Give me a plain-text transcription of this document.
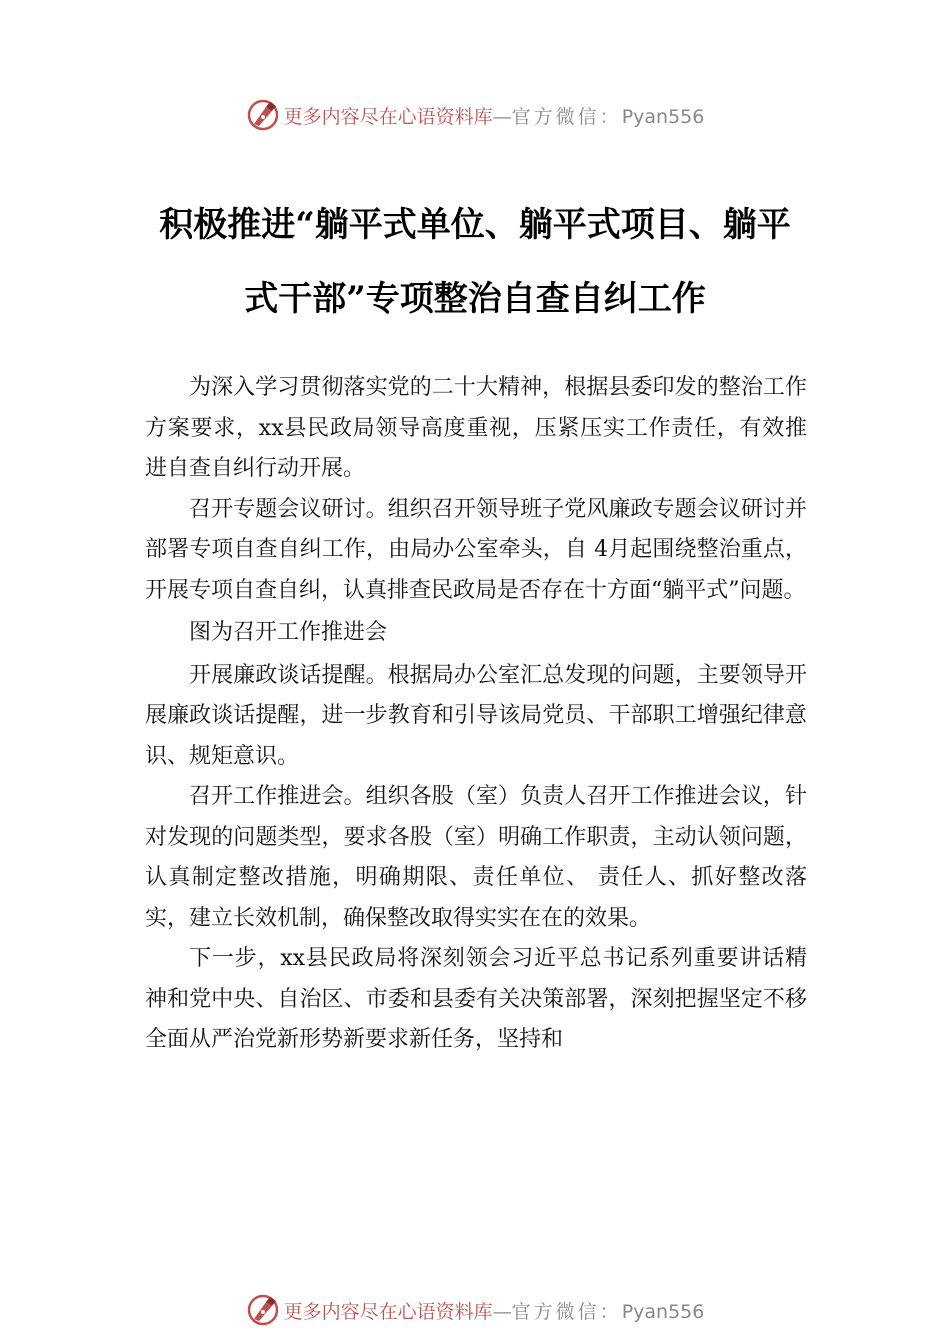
更多内容尽在心语资料库—官方微信：Pyan556
积极推进“躺平式单位、躺平式项目、躺平
式干部”专项整治自查自纠工作

为深入学习贯彻落实党的二十大精神，根据县委印发的整治工作方案要求，xx县民政局领导高度重视，压紧压实工作责任，有效推进自查自纠行动开展。

召开专题会议研讨。组织召开领导班子党风廉政专题会议研讨并部署专项自查自纠工作，由局办公室牵头，自 4月起围绕整治重点，开展专项自查自纠，认真排查民政局是否存在十方面“躺平式”问题。

图为召开工作推进会

开展廉政谈话提醒。根据局办公室汇总发现的问题，主要领导开展廉政谈话提醒，进一步教育和引导该局党员、干部职工增强纪律意识、规矩意识。

召开工作推进会。组织各股（室）负责人召开工作推进会议，针对发现的问题类型，要求各股（室）明确工作职责，主动认领问题，认真制定整改措施，明确期限、责任单位、 责任人、抓好整改落实，建立长效机制，确保整改取得实实在在的效果。

下一步，xx县民政局将深刻领会习近平总书记系列重要讲话精神和党中央、自治区、市委和县委有关决策部署，深刻把握坚定不移全面从严治党新形势新要求新任务，坚持和

更多内容尽在心语资料库—官方微信：Pyan556
